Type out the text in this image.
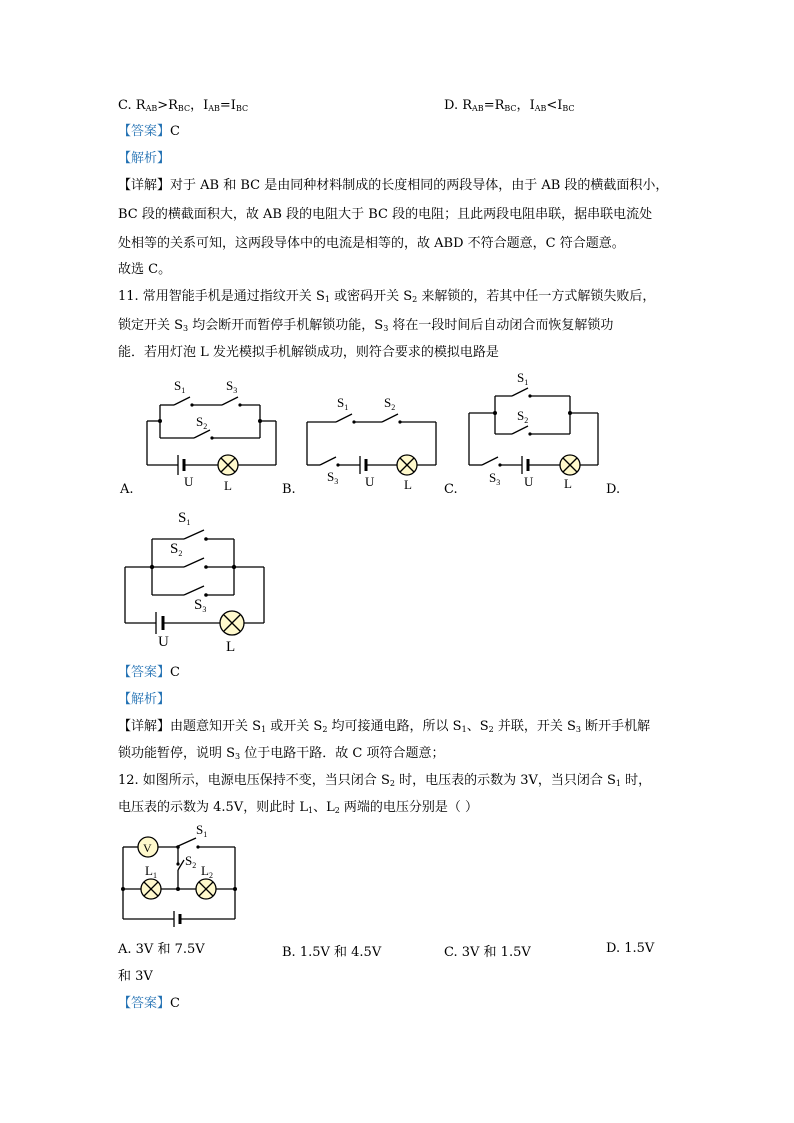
C. $R_{AB}>R_{BC}$，$I_{AB}=I_{BC}$	D. $R_{AB}=R_{BC}$，$I_{AB}<I_{BC}$
【答案】C
【解析】
【详解】对于 AB 和 BC 是由同种材料制成的长度相同的两段导体，由于 AB 段的横截面积小，
BC 段的横截面积大，故 AB 段的电阻大于 BC 段的电阻；且此两段电阻串联，据串联电流处
处相等的关系可知，这两段导体中的电流是相等的，故 ABD 不符合题意，C 符合题意。
故选 C。
11. 常用智能手机是通过指纹开关 $S_1$ 或密码开关 $S_2$ 来解锁的，若其中任一方式解锁失败后，
锁定开关 $S_3$ 均会断开而暂停手机解锁功能，$S_3$ 将在一段时间后自动闭合而恢复解锁功
能．若用灯泡 L 发光模拟手机解锁成功，则符合要求的模拟电路是
$S_1$	$S_3$
$S_2$
U L
A.
$S_1$	$S_2$
$S_3$ U L
B.
$S_1$
$S_2$
$S_3$ U L
C.	D.
$S_1$
$S_2$
$S_3$
U	L
【答案】C
【解析】
【详解】由题意知开关 $S_1$ 或开关 $S_2$ 均可接通电路，所以 $S_1$、$S_2$ 并联，开关 $S_3$ 断开手机解
锁功能暂停，说明 $S_3$ 位于电路干路．故 C 项符合题意；
12. 如图所示，电源电压保持不变，当只闭合 $S_2$ 时，电压表的示数为 3V，当只闭合 $S_1$ 时，
电压表的示数为 4.5V，则此时 $L_1$、$L_2$ 两端的电压分别是（ ）
V
$S_1$
$S_2$
$L_1$	$L_2$
A. 3V 和 7.5V	B. 1.5V 和 4.5V	C. 3V 和 1.5V	D. 1.5V
和 3V
【答案】C
